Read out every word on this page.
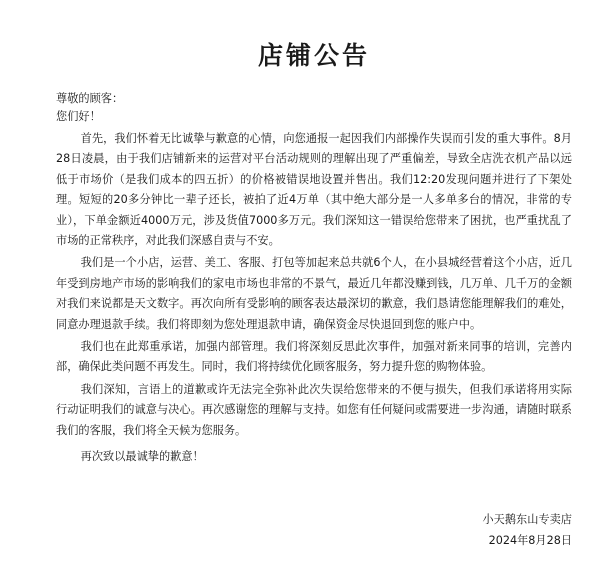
店铺公告

尊敬的顾客：

您们好！

首先，我们怀着无比诚挚与歉意的心情，向您通报一起因我们内部操作失误而引发的重大事件。8月28日凌晨，由于我们店铺新来的运营对平台活动规则的理解出现了严重偏差，导致全店洗衣机产品以远低于市场价（是我们成本的四五折）的价格被错误地设置并售出。我们12:20发现问题并进行了下架处理。短短的20多分钟比一辈子还长，被拍了近4万单（其中绝大部分是一人多单多台的情况，非常的专业），下单金额近4000万元，涉及货值7000多万元。我们深知这一错误给您带来了困扰，也严重扰乱了市场的正常秩序，对此我们深感自责与不安。

我们是一个小店，运营、美工、客服、打包等加起来总共就6个人，在小县城经营着这个小店，近几年受到房地产市场的影响我们的家电市场也非常的不景气，最近几年都没赚到钱，几万单、几千万的金额对我们来说都是天文数字。再次向所有受影响的顾客表达最深切的歉意，我们恳请您能理解我们的难处，同意办理退款手续。我们将即刻为您处理退款申请，确保资金尽快退回到您的账户中。

我们也在此郑重承诺，加强内部管理。我们将深刻反思此次事件，加强对新来同事的培训，完善内部，确保此类问题不再发生。同时，我们将持续优化顾客服务，努力提升您的购物体验。

我们深知，言语上的道歉或许无法完全弥补此次失误给您带来的不便与损失，但我们承诺将用实际行动证明我们的诚意与决心。再次感谢您的理解与支持。如您有任何疑问或需要进一步沟通，请随时联系我们的客服，我们将全天候为您服务。

再次致以最诚挚的歉意！

小天鹅东山专卖店
2024年8月28日
